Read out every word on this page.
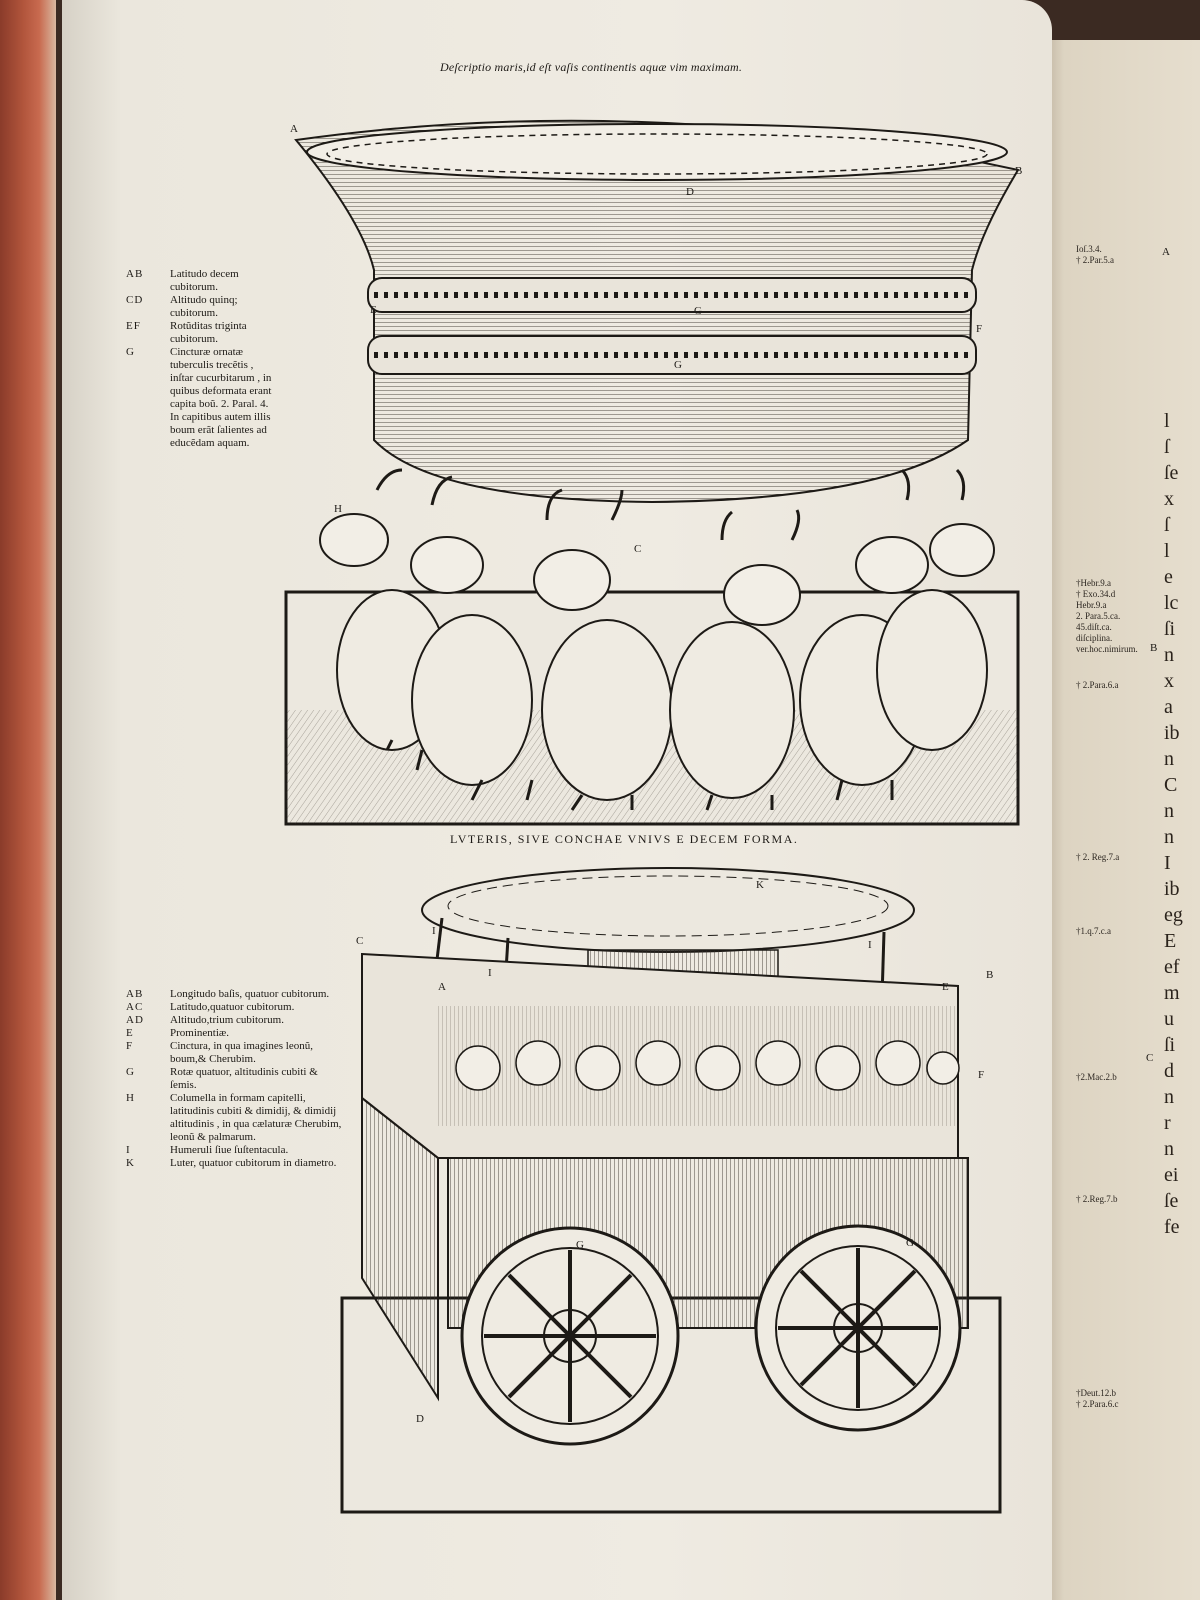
Deſcriptio maris,id eſt vaſis continentis aquæ vim maximam.
A
B
C
D
E
F
G
G
H
AB	Latitudo decem cubitorum.
CD	Altitudo quinq; cubitorum.
EF	Rotũditas triginta cubitorum.
G	Cincturæ ornatæ tuberculis trecẽtis , inſtar cucurbitarum , in quibus deformata erant capita boũ. 2. Paral. 4. In capitibus autem illis boum erãt ſalientes ad educẽdam aquam.
LVTERIS, SIVE CONCHAE VNIVS E DECEM FORMA.
A
B
C
D
E
F
G	G
I
I
I
K
AB	Longitudo baſis, quatuor cubitorum.
AC	Latitudo,quatuor cubitorum.
AD	Altitudo,trium cubitorum.
E	Prominentiæ.
F	Cinctura, in qua imagines leonũ, boum,& Cherubim.
G	Rotæ quatuor, altitudinis cubiti & ſemis.
H	Columella in formam capitelli, latitudinis cubiti & dimidij, & dimidij altitudinis , in qua cælaturæ Cherubim, leonũ & palmarum.
I	Humeruli ſiue ſuſtentacula.
K	Luter, quatuor cubitorum in diametro.
Ioſ.3.4.
† 2.Par.5.a
A
†Hebr.9.a
† Exo.34.d
Hebr.9.a
2. Para.5.ca.
45.diſt.ca.
diſciplina.
ver.hoc.nimirum. B
† 2.Para.6.a
† 2. Reg.7.a
†1.q.7.c.a
†2.Mac.2.b
C
† 2.Reg.7.b
†Deut.12.b
† 2.Para.6.c
l
ſ
ſe
x
ſ
l
e
lc
ſi
n
x
a
ib
n
C
n
n
I
ib
eg
E
ef
m
u
ſi
d
n
r
n
ei
ſe
fe
